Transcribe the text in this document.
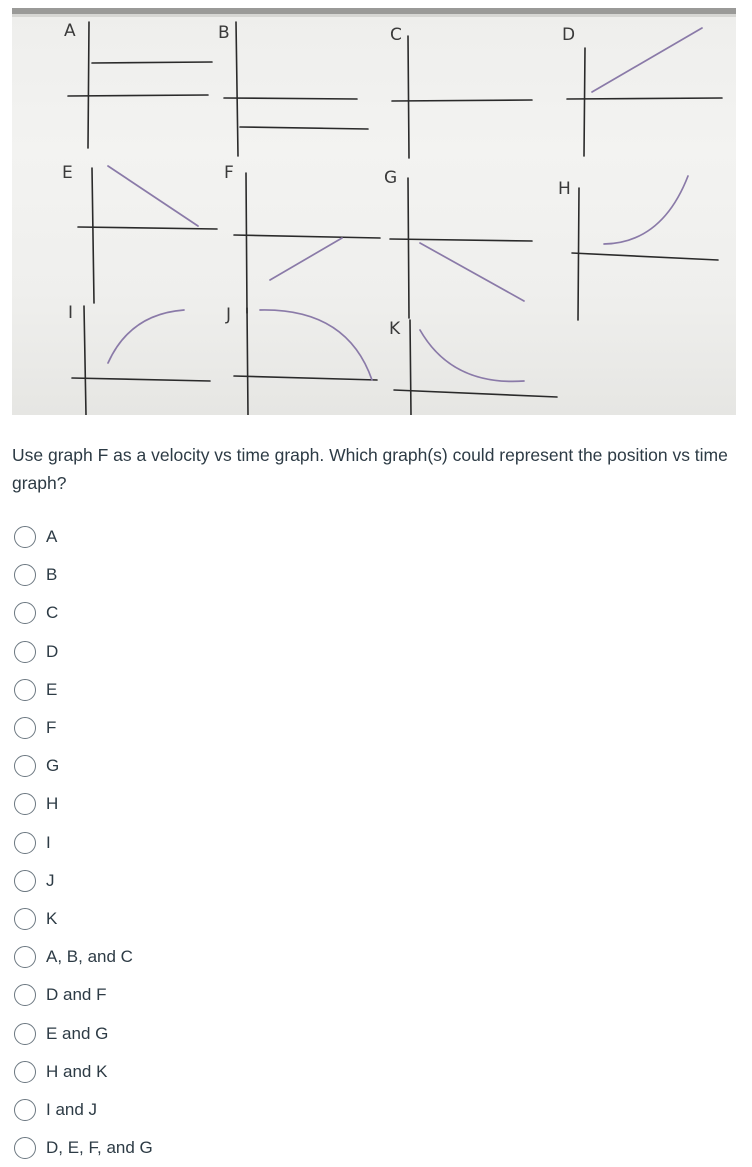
A	B	C	D
E	F	G
H
I	J
K
Use graph F as a velocity vs time graph. Which graph(s) could represent the position vs time graph?
A
B
C
D
E
F
G
H
I
J
K
A, B, and C
D and F
E and G
H and K
I and J
D, E, F, and G
